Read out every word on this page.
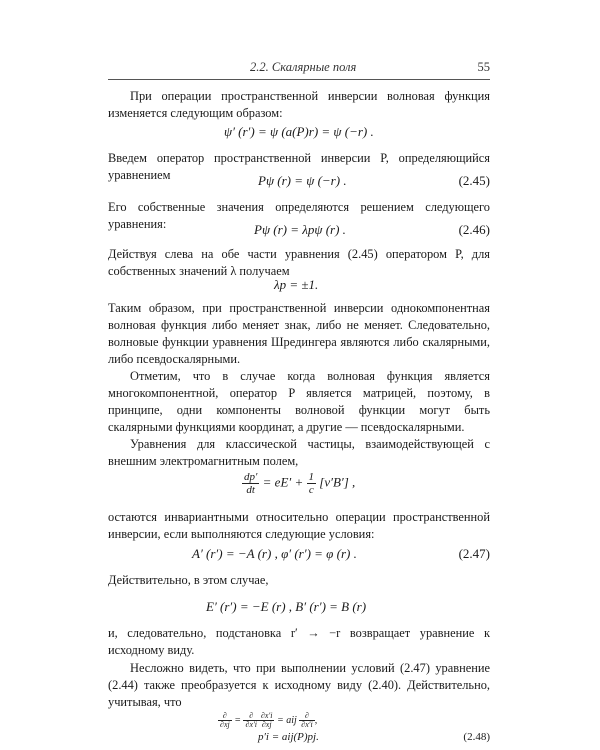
2.2. Скалярные поля	55
При операции пространственной инверсии волновая функция изменяется следующим образом:
ψ′ (r′) = ψ (a(P)r) = ψ (−r) .
Введем оператор пространственной инверсии P, определяющийся уравнением	Pψ (r) = ψ (−r) .	(2.45)
Его собственные значения определяются решением следующего уравнения:	Pψ (r) = λpψ (r) .	(2.46)
Действуя слева на обе части уравнения (2.45) оператором P, для собственных значений λ получаем
λp = ±1.
Таким образом, при пространственной инверсии однокомпонентная волновая функция либо меняет знак, либо не меняет. Следовательно, волновые функции уравнения Шредингера являются либо скалярными, либо псевдоскалярными.
Отметим, что в случае когда волновая функция является многокомпонентной, оператор P является матрицей, поэтому, в принципе, одни компоненты волновой функции могут быть скалярными функциями координат, а другие — псевдоскалярными.
Уравнения для классической частицы, взаимодействующей с внешним электромагнитным полем,
$\frac{dp'}{dt} = eE' + \frac{1}{c} [v'B']$ ,
остаются инвариантными относительно операции пространственной инверсии, если выполняются следующие условия:
A′ (r′) = −A (r) , φ′ (r′) = φ (r) .	(2.47)
Действительно, в этом случае,
E′ (r′) = −E (r) , B′ (r′) = B (r)
и, следовательно, подстановка r′ → −r возвращает уравнение к исходному виду.
Несложно видеть, что при выполнении условий (2.47) уравнение (2.44) также преобразуется к исходному виду (2.40). Действительно, учитывая, что
$\frac{\partial}{\partial xj} = \frac{\partial}{\partial x'i} \frac{\partial x'i}{\partial xj}$ = aij $\frac{\partial}{\partial x'i}$ ,
p′i = aij(P)pj.	(2.48)
